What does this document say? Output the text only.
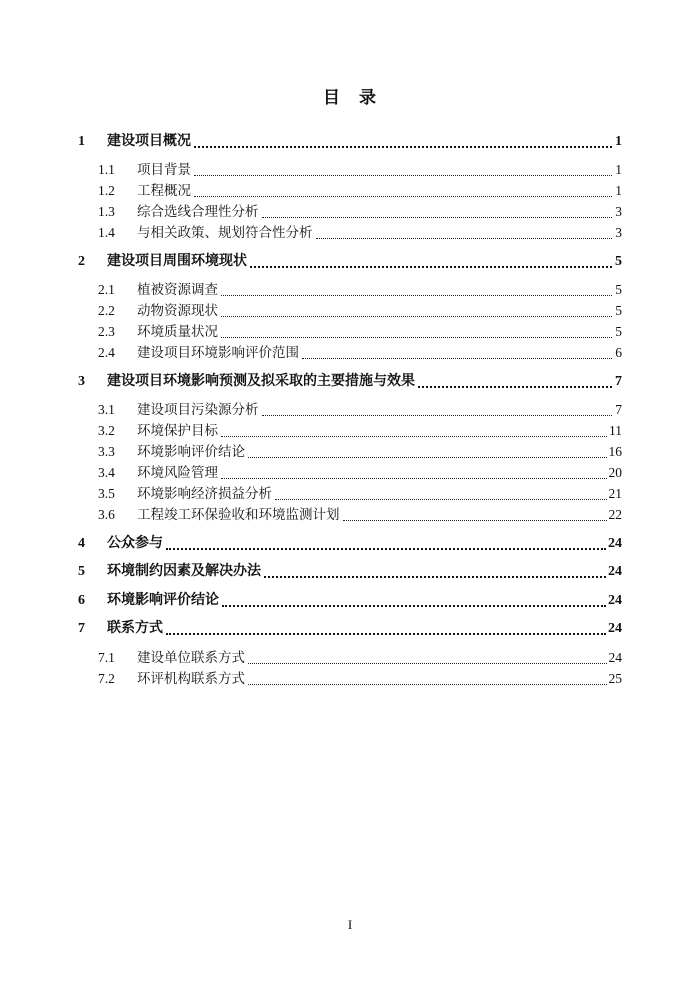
目　录
1	建设项目概况	1
1.1	项目背景	1
1.2	工程概况	1
1.3	综合选线合理性分析	3
1.4	与相关政策、规划符合性分析	3
2	建设项目周围环境现状	5
2.1	植被资源调查	5
2.2	动物资源现状	5
2.3	环境质量状况	5
2.4	建设项目环境影响评价范围	6
3	建设项目环境影响预测及拟采取的主要措施与效果	7
3.1	建设项目污染源分析	7
3.2	环境保护目标	11
3.3	环境影响评价结论	16
3.4	环境风险管理	20
3.5	环境影响经济损益分析	21
3.6	工程竣工环保验收和环境监测计划	22
4	公众参与	24
5	环境制约因素及解决办法	24
6	环境影响评价结论	24
7	联系方式	24
7.1	建设单位联系方式	24
7.2	环评机构联系方式	25
I
